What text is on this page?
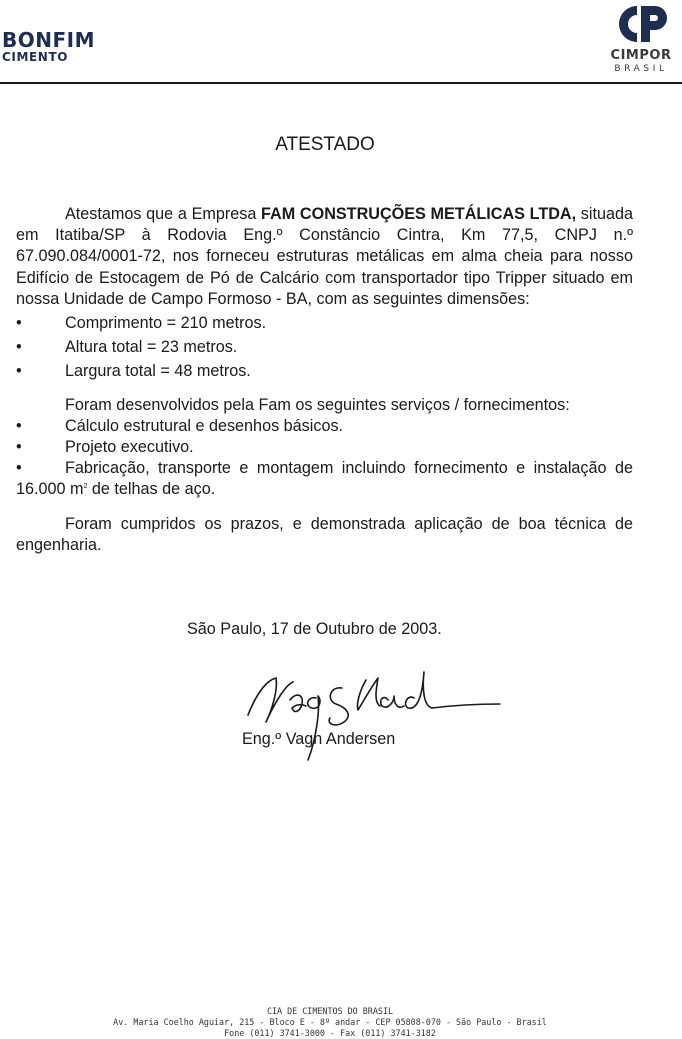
BONFIM
CIMENTO	CIMPOR
BRASIL
ATESTADO

Atestamos que a Empresa FAM CONSTRUÇÕES METÁLICAS LTDA, situada em Itatiba/SP à Rodovia Eng.º Constâncio Cintra, Km 77,5, CNPJ n.º 67.090.084/0001-72, nos forneceu estruturas metálicas em alma cheia para nosso Edifício de Estocagem de Pó de Calcário com transportador tipo Tripper situado em nossa Unidade de Campo Formoso - BA, com as seguintes dimensões:

•	Comprimento = 210 metros.
•	Altura total = 23 metros.
•	Largura total = 48 metros.

Foram desenvolvidos pela Fam os seguintes serviços / fornecimentos:

•	Cálculo estrutural e desenhos básicos.
•	Projeto executivo.

•	Fabricação, transporte e montagem incluindo fornecimento e instalação de 16.000 $m^2$ de telhas de aço.

Foram cumpridos os prazos, e demonstrada aplicação de boa técnica de engenharia.

São Paulo, 17 de Outubro de 2003.
Eng.º Vagn Andersen
CIA DE CIMENTOS DO BRASIL
Av. Maria Coelho Aguiar, 215 - Bloco E - 8º andar - CEP 05808-070 - São Paulo - Brasil
Fone (011) 3741-3000 - Fax (011) 3741-3182
